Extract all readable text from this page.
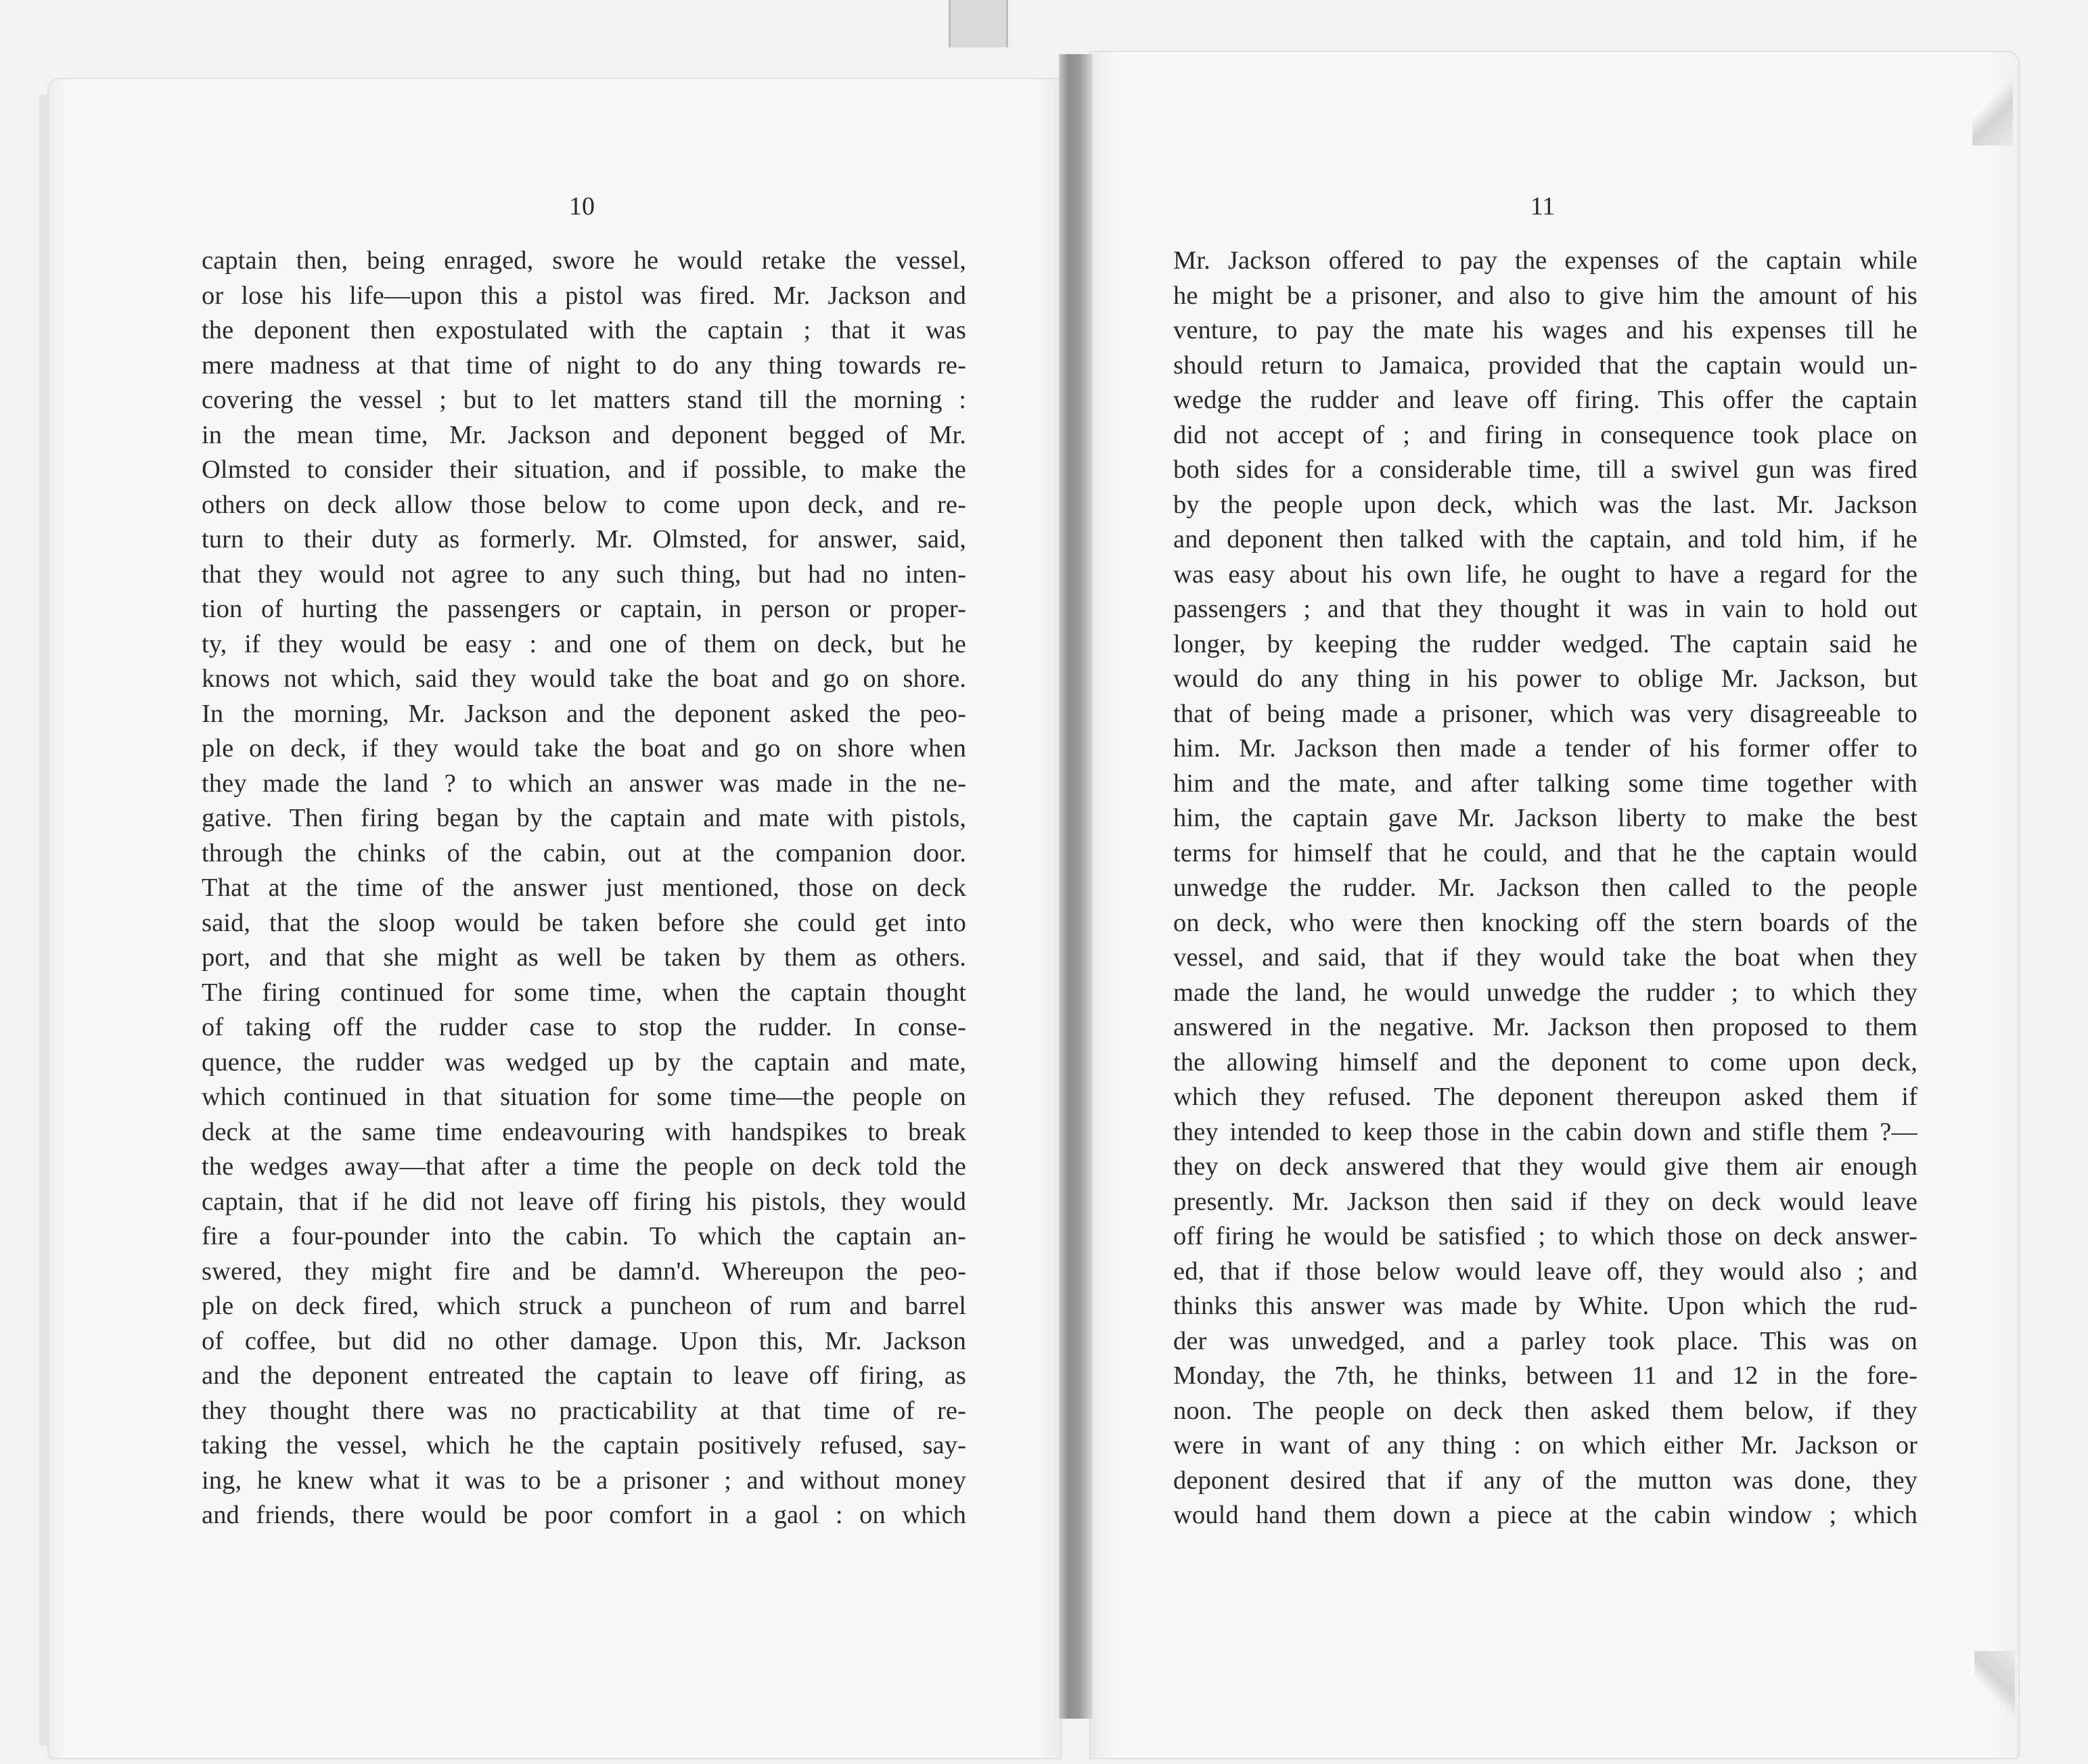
10	11
captain then, being enraged, swore he would retake the vessel,
or lose his life—upon this a pistol was fired. Mr. Jackson and
the deponent then expostulated with the captain ; that it was
mere madness at that time of night to do any thing towards re-
covering the vessel ; but to let matters stand till the morning :
in the mean time, Mr. Jackson and deponent begged of Mr.
Olmsted to consider their situation, and if possible, to make the
others on deck allow those below to come upon deck, and re-
turn to their duty as formerly. Mr. Olmsted, for answer, said,
that they would not agree to any such thing, but had no inten-
tion of hurting the passengers or captain, in person or proper-
ty, if they would be easy : and one of them on deck, but he
knows not which, said they would take the boat and go on shore.
In the morning, Mr. Jackson and the deponent asked the peo-
ple on deck, if they would take the boat and go on shore when
they made the land ? to which an answer was made in the ne-
gative. Then firing began by the captain and mate with pistols,
through the chinks of the cabin, out at the companion door.
That at the time of the answer just mentioned, those on deck
said, that the sloop would be taken before she could get into
port, and that she might as well be taken by them as others.
The firing continued for some time, when the captain thought
of taking off the rudder case to stop the rudder. In conse-
quence, the rudder was wedged up by the captain and mate,
which continued in that situation for some time—the people on
deck at the same time endeavouring with handspikes to break
the wedges away—that after a time the people on deck told the
captain, that if he did not leave off firing his pistols, they would
fire a four-pounder into the cabin. To which the captain an-
swered, they might fire and be damn'd. Whereupon the peo-
ple on deck fired, which struck a puncheon of rum and barrel
of coffee, but did no other damage. Upon this, Mr. Jackson
and the deponent entreated the captain to leave off firing, as
they thought there was no practicability at that time of re-
taking the vessel, which he the captain positively refused, say-
ing, he knew what it was to be a prisoner ; and without money
and friends, there would be poor comfort in a gaol : on which
Mr. Jackson offered to pay the expenses of the captain while
he might be a prisoner, and also to give him the amount of his
venture, to pay the mate his wages and his expenses till he
should return to Jamaica, provided that the captain would un-
wedge the rudder and leave off firing. This offer the captain
did not accept of ; and firing in consequence took place on
both sides for a considerable time, till a swivel gun was fired
by the people upon deck, which was the last. Mr. Jackson
and deponent then talked with the captain, and told him, if he
was easy about his own life, he ought to have a regard for the
passengers ; and that they thought it was in vain to hold out
longer, by keeping the rudder wedged. The captain said he
would do any thing in his power to oblige Mr. Jackson, but
that of being made a prisoner, which was very disagreeable to
him. Mr. Jackson then made a tender of his former offer to
him and the mate, and after talking some time together with
him, the captain gave Mr. Jackson liberty to make the best
terms for himself that he could, and that he the captain would
unwedge the rudder. Mr. Jackson then called to the people
on deck, who were then knocking off the stern boards of the
vessel, and said, that if they would take the boat when they
made the land, he would unwedge the rudder ; to which they
answered in the negative. Mr. Jackson then proposed to them
the allowing himself and the deponent to come upon deck,
which they refused. The deponent thereupon asked them if
they intended to keep those in the cabin down and stifle them ?—
they on deck answered that they would give them air enough
presently. Mr. Jackson then said if they on deck would leave
off firing he would be satisfied ; to which those on deck answer-
ed, that if those below would leave off, they would also ; and
thinks this answer was made by White. Upon which the rud-
der was unwedged, and a parley took place. This was on
Monday, the 7th, he thinks, between 11 and 12 in the fore-
noon. The people on deck then asked them below, if they
were in want of any thing : on which either Mr. Jackson or
deponent desired that if any of the mutton was done, they
would hand them down a piece at the cabin window ; which
